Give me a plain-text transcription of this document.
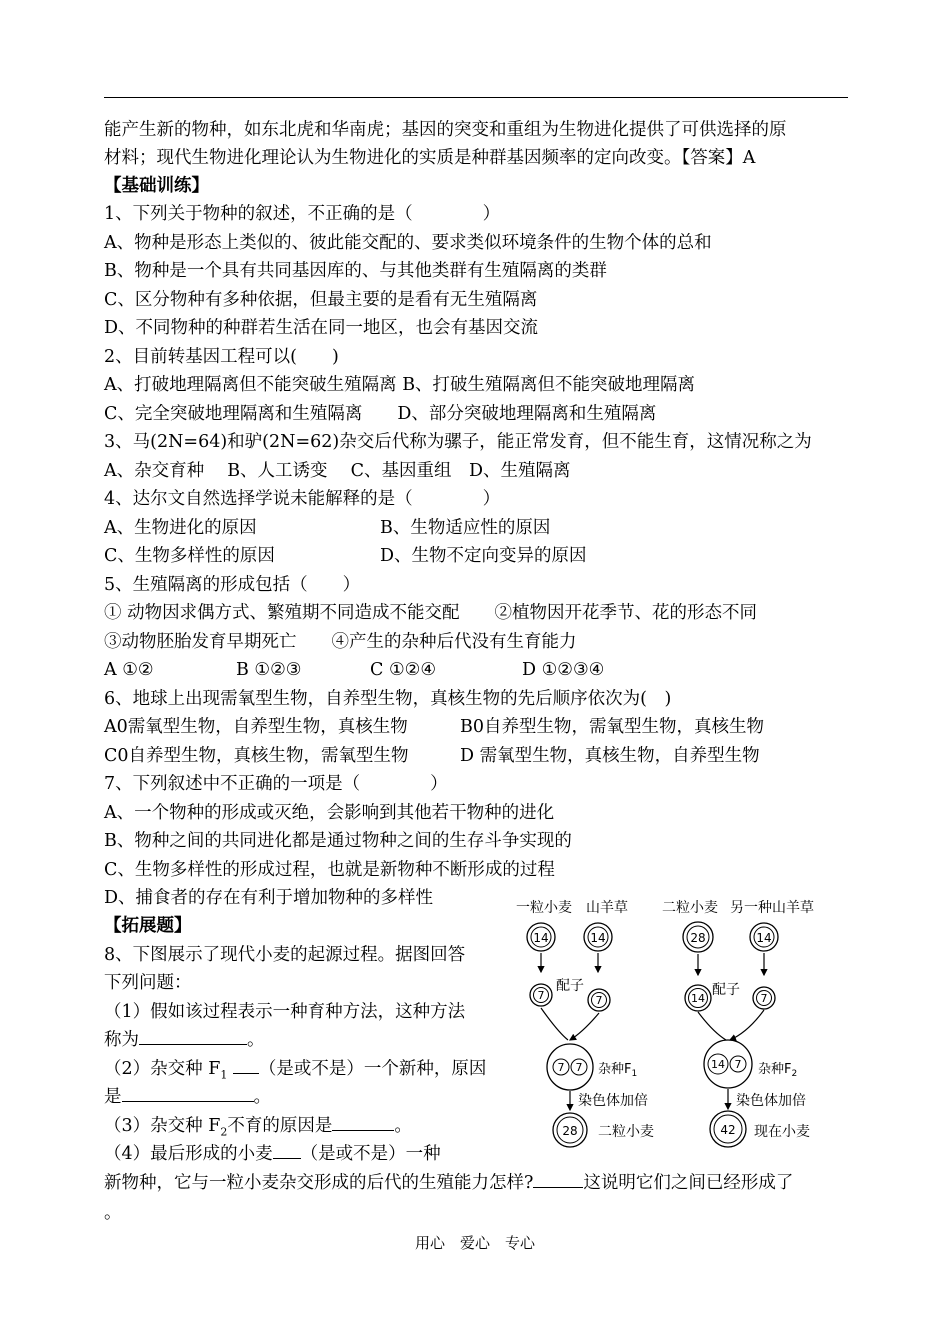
能产生新的物种，如东北虎和华南虎；基因的突变和重组为生物进化提供了可供选择的原
材料；现代生物进化理论认为生物进化的实质是种群基因频率的定向改变。【答案】A
【基础训练】
1、下列关于物种的叙述，不正确的是（　　　　）
A、物种是形态上类似的、彼此能交配的、要求类似环境条件的生物个体的总和
B、物种是一个具有共同基因库的、与其他类群有生殖隔离的类群
C、区分物种有多种依据，但最主要的是看有无生殖隔离
D、不同物种的种群若生活在同一地区，也会有基因交流
2、目前转基因工程可以(　　)
A、打破地理隔离但不能突破生殖隔离 B、打破生殖隔离但不能突破地理隔离
C、完全突破地理隔离和生殖隔离　　D、部分突破地理隔离和生殖隔离
3、马(2N=64)和驴(2N=62)杂交后代称为骡子，能正常发育，但不能生育，这情况称之为
A、杂交育种　 B、人工诱变　 C、基因重组　D、生殖隔离
4、达尔文自然选择学说未能解释的是（　　　　）
A、生物进化的原因	B、生物适应性的原因
C、生物多样性的原因	D、生物不定向变异的原因
5、生殖隔离的形成包括（　　）
① 动物因求偶方式、繁殖期不同造成不能交配　　②植物因开花季节、花的形态不同
③动物胚胎发育早期死亡　　④产生的杂种后代没有生育能力
A ①②	B ①②③	C ①②④	D ①②③④
6、地球上出现需氧型生物，自养型生物，真核生物的先后顺序依次为(　)
A0需氧型生物，自养型生物，真核生物	B0自养型生物，需氧型生物，真核生物
C0自养型生物，真核生物，需氧型生物	D 需氧型生物，真核生物，自养型生物
7、下列叙述中不正确的一项是（　　　　）
A、一个物种的形成或灭绝，会影响到其他若干物种的进化
B、物种之间的共同进化都是通过物种之间的生存斗争实现的
C、生物多样性的形成过程，也就是新物种不断形成的过程
D、捕食者的存在有利于增加物种的多样性
【拓展题】
8、下图展示了现代小麦的起源过程。据图回答
下列问题：
（1）假如该过程表示一种育种方法，这种方法
称为	。
（2）杂交种 $F_1$ （是或不是）一个新种，原因
是	。
（3）杂交种 $F_2$不育的原因是	。
（4）最后形成的小麦 （是或不是）一种
新物种，它与一粒小麦杂交形成的后代的生殖能力怎样?	这说明它们之间已经形成了
。
一粒小麦 山羊草
14	14
配子
7	7
7 7 杂种$F_1$
染色体加倍
28 二粒小麦
二粒小麦 另一种山羊草
28	14
配子
14	7
14 7 杂种$F_2$
染色体加倍
42 现在小麦
用心　爱心　专心
